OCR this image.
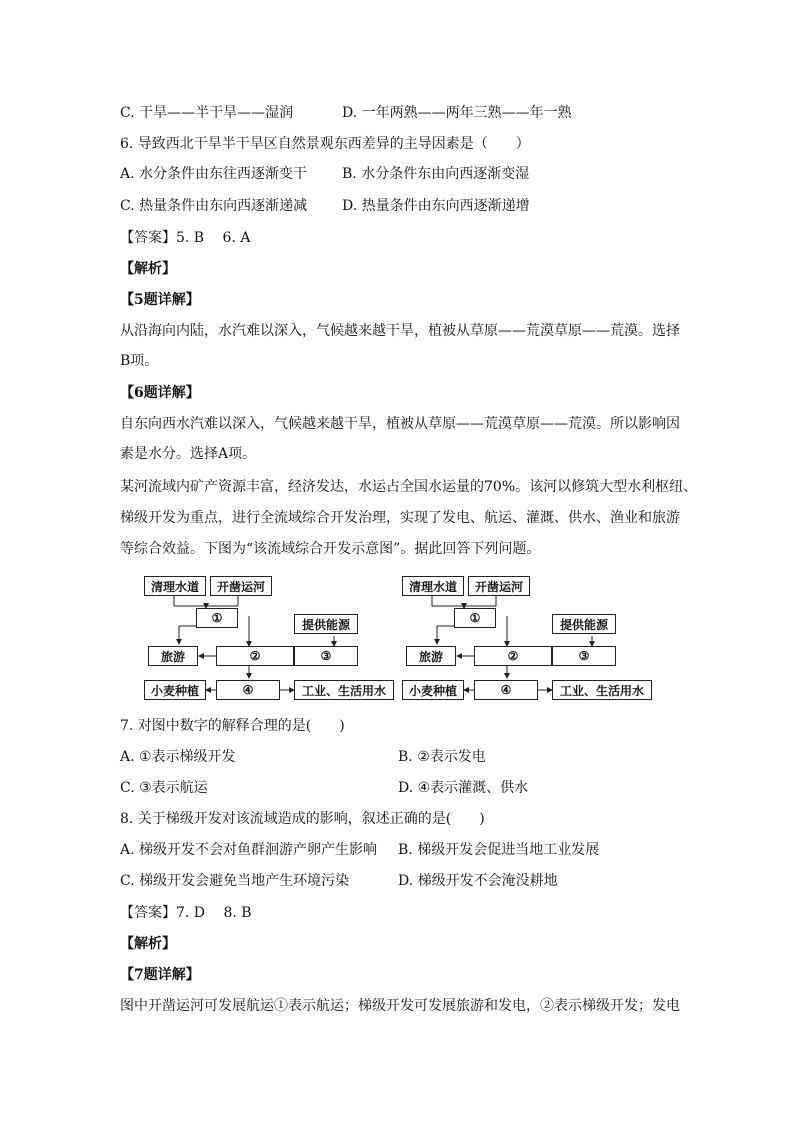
C. 干旱——半干旱——湿润	D. 一年两熟——两年三熟——年一熟
6. 导致西北干旱半干旱区自然景观东西差异的主导因素是（　　）
A. 水分条件由东往西逐渐变干 B. 水分条件东由向西逐渐变湿
C. 热量条件由东向西逐渐递减 D. 热量条件由东向西逐渐递增
【答案】5. B　 6. A
【解析】
【5题详解】
从沿海向内陆，水汽难以深入，气候越来越干旱，植被从草原——荒漠草原——荒漠。选择
B项。
【6题详解】
自东向西水汽难以深入，气候越来越干旱，植被从草原——荒漠草原——荒漠。所以影响因
素是水分。选择A项。
某河流域内矿产资源丰富，经济发达，水运占全国水运量的70%。该河以修筑大型水利枢纽、
梯级开发为重点，进行全流域综合开发治理，实现了发电、航运、灌溉、供水、渔业和旅游
等综合效益。下图为“该流域综合开发示意图”。据此回答下列问题。
清理水道	开凿运河
①	提供能源
旅游	②	③
小麦种植	④	工业、生活用水
清理水道	开凿运河
①	提供能源
旅游	②	③
小麦种植	④	工业、生活用水
7. 对图中数字的解释合理的是(　　)
A. ①表示梯级开发	B. ②表示发电
C. ③表示航运	D. ④表示灌溉、供水
8. 关于梯级开发对该流域造成的影响，叙述正确的是(　　)
A. 梯级开发不会对鱼群洄游产卵产生影响 B. 梯级开发会促进当地工业发展
C. 梯级开发会避免当地产生环境污染	D. 梯级开发不会淹没耕地
【答案】7. D　 8. B
【解析】
【7题详解】
图中开凿运河可发展航运①表示航运；梯级开发可发展旅游和发电，②表示梯级开发；发电
